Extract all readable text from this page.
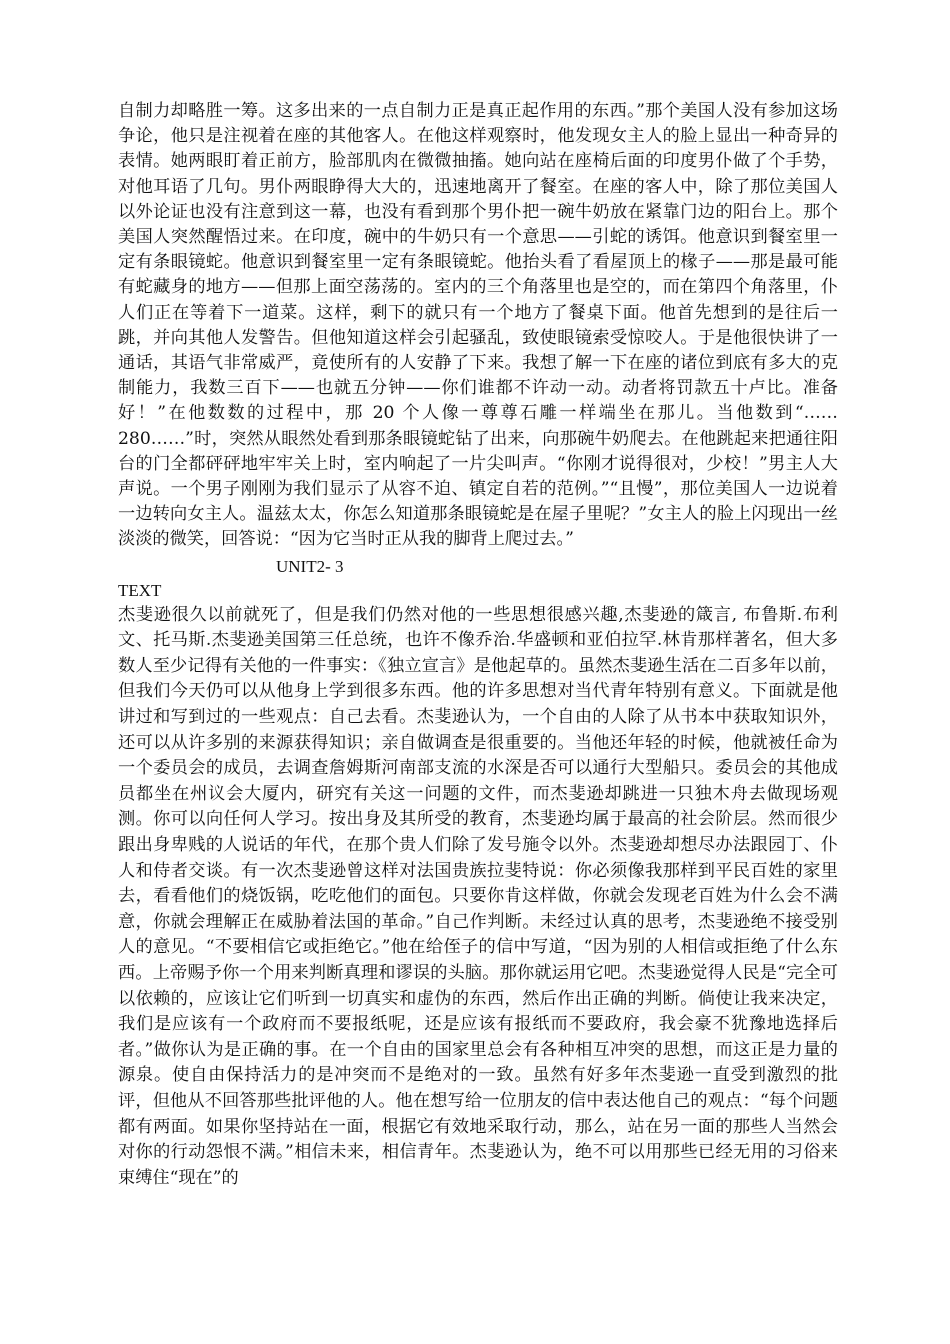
自制力却略胜一筹。这多出来的一点自制力正是真正起作用的东西。”那个美国人没有参加这场争论，他只是注视着在座的其他客人。在他这样观察时，他发现女主人的脸上显出一种奇异的表情。她两眼盯着正前方，脸部肌肉在微微抽搐。她向站在座椅后面的印度男仆做了个手势，对他耳语了几句。男仆两眼睁得大大的，迅速地离开了餐室。在座的客人中，除了那位美国人以外论证也没有注意到这一幕，也没有看到那个男仆把一碗牛奶放在紧靠门边的阳台上。那个美国人突然醒悟过来。在印度，碗中的牛奶只有一个意思——引蛇的诱饵。他意识到餐室里一定有条眼镜蛇。他意识到餐室里一定有条眼镜蛇。他抬头看了看屋顶上的椽子——那是最可能有蛇藏身的地方——但那上面空荡荡的。室内的三个角落里也是空的，而在第四个角落里，仆人们正在等着下一道菜。这样，剩下的就只有一个地方了餐桌下面。他首先想到的是往后一跳，并向其他人发警告。但他知道这样会引起骚乱，致使眼镜索受惊咬人。于是他很快讲了一通话，其语气非常威严，竟使所有的人安静了下来。我想了解一下在座的诸位到底有多大的克制能力，我数三百下——也就五分钟——你们谁都不许动一动。动者将罚款五十卢比。准备好！”在他数数的过程中，那 20 个人像一尊尊石雕一样端坐在那儿。当他数到“……280……”时，突然从眼然处看到那条眼镜蛇钻了出来，向那碗牛奶爬去。在他跳起来把通往阳台的门全都砰砰地牢牢关上时，室内响起了一片尖叫声。“你刚才说得很对，少校！”男主人大声说。一个男子刚刚为我们显示了从容不迫、镇定自若的范例。”“且慢”，那位美国人一边说着一边转向女主人。温兹太太，你怎么知道那条眼镜蛇是在屋子里呢？”女主人的脸上闪现出一丝淡淡的微笑，回答说：“因为它当时正从我的脚背上爬过去。”

UNIT2- 3
TEXT

杰斐逊很久以前就死了，但是我们仍然对他的一些思想很感兴趣,杰斐逊的箴言, 布鲁斯.布利文、托马斯.杰斐逊美国第三任总统，也许不像乔治.华盛顿和亚伯拉罕.林肯那样著名，但大多数人至少记得有关他的一件事实：《独立宣言》是他起草的。虽然杰斐逊生活在二百多年以前，但我们今天仍可以从他身上学到很多东西。他的许多思想对当代青年特别有意义。下面就是他讲过和写到过的一些观点：自己去看。杰斐逊认为，一个自由的人除了从书本中获取知识外，还可以从许多别的来源获得知识；亲自做调查是很重要的。当他还年轻的时候，他就被任命为一个委员会的成员，去调查詹姆斯河南部支流的水深是否可以通行大型船只。委员会的其他成员都坐在州议会大厦内，研究有关这一问题的文件，而杰斐逊却跳进一只独木舟去做现场观测。你可以向任何人学习。按出身及其所受的教育，杰斐逊均属于最高的社会阶层。然而很少跟出身卑贱的人说话的年代，在那个贵人们除了发号施令以外。杰斐逊却想尽办法跟园丁、仆人和侍者交谈。有一次杰斐逊曾这样对法国贵族拉斐特说：你必须像我那样到平民百姓的家里去，看看他们的烧饭锅，吃吃他们的面包。只要你肯这样做，你就会发现老百姓为什么会不满意，你就会理解正在威胁着法国的革命。”自己作判断。未经过认真的思考，杰斐逊绝不接受别人的意见。“不要相信它或拒绝它。”他在给侄子的信中写道，“因为别的人相信或拒绝了什么东西。上帝赐予你一个用来判断真理和谬误的头脑。那你就运用它吧。杰斐逊觉得人民是“完全可以依赖的，应该让它们听到一切真实和虚伪的东西，然后作出正确的判断。倘使让我来决定，我们是应该有一个政府而不要报纸呢，还是应该有报纸而不要政府，我会豪不犹豫地选择后者。”做你认为是正确的事。在一个自由的国家里总会有各种相互冲突的思想，而这正是力量的源泉。使自由保持活力的是冲突而不是绝对的一致。虽然有好多年杰斐逊一直受到激烈的批评，但他从不回答那些批评他的人。他在想写给一位朋友的信中表达他自己的观点：“每个问题都有两面。如果你坚持站在一面，根据它有效地采取行动，那么，站在另一面的那些人当然会对你的行动怨恨不满。”相信未来，相信青年。杰斐逊认为，绝不可以用那些已经无用的习俗来束缚住“现在”的
